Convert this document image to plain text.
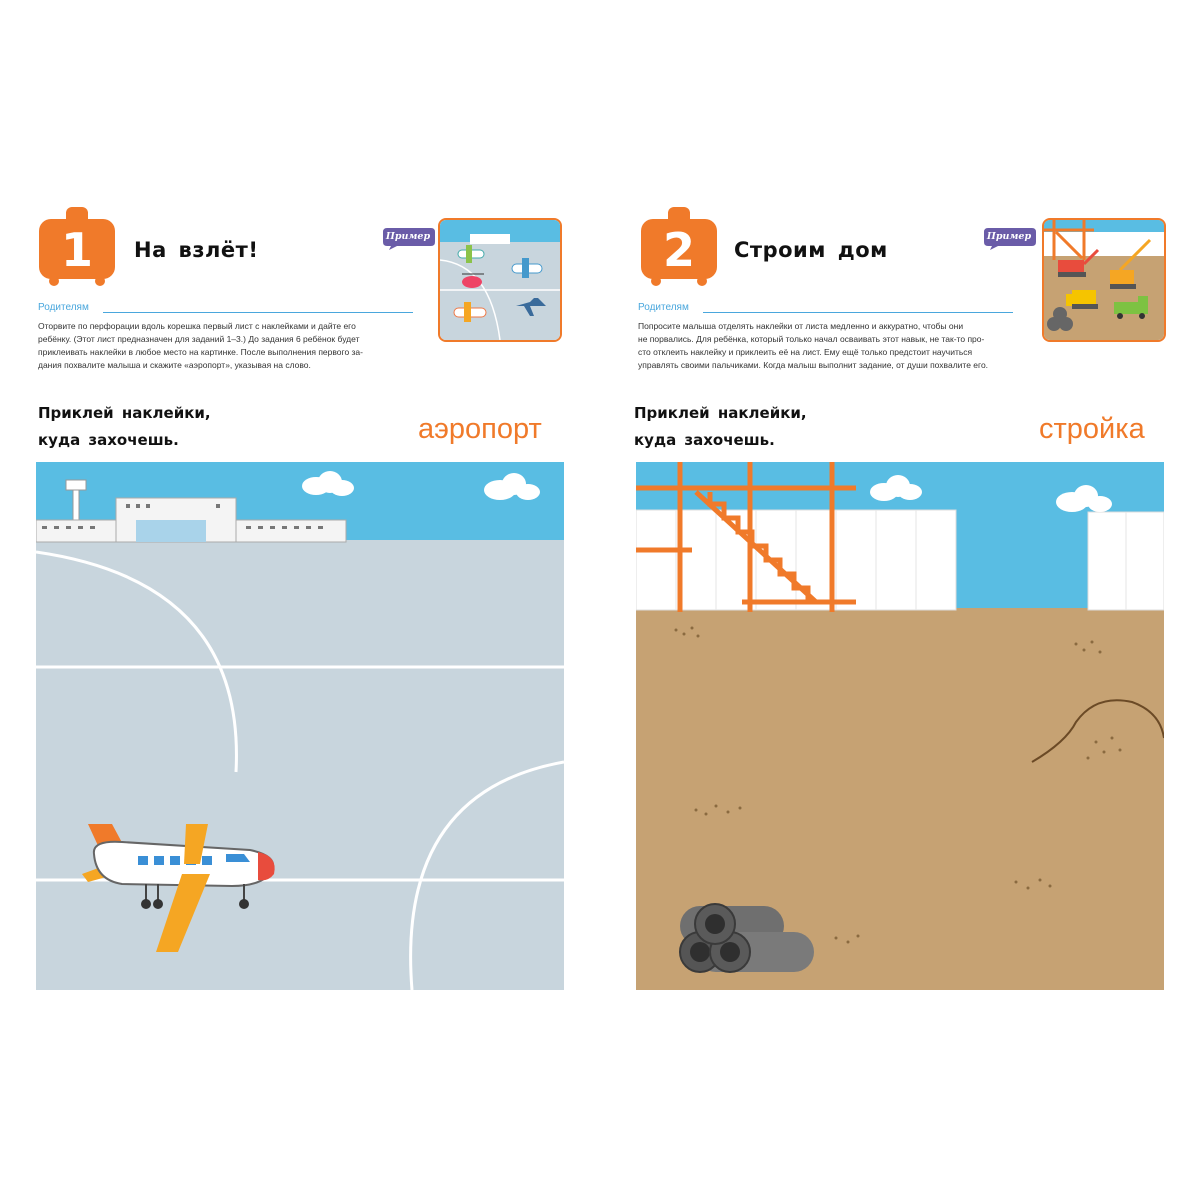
1	На взлёт!
Пример
Родителям
Оторвите по перфорации вдоль корешка первый лист с наклейками и дайте его
ребёнку. (Этот лист предназначен для заданий 1–3.) До задания 6 ребёнок будет
приклеивать наклейки в любое место на картинке. После выполнения первого за-
дания похвалите малыша и скажите «аэропорт», указывая на слово.
Приклей наклейки,
куда захочешь.	аэропорт
2	Строим дом
Пример
Родителям
Попросите малыша отделять наклейки от листа медленно и аккуратно, чтобы они
не порвались. Для ребёнка, который только начал осваивать этот навык, не так-то про-
сто отклеить наклейку и приклеить её на лист. Ему ещё только предстоит научиться
управлять своими пальчиками. Когда малыш выполнит задание, от души похвалите его.
Приклей наклейки,
куда захочешь.	стройка
